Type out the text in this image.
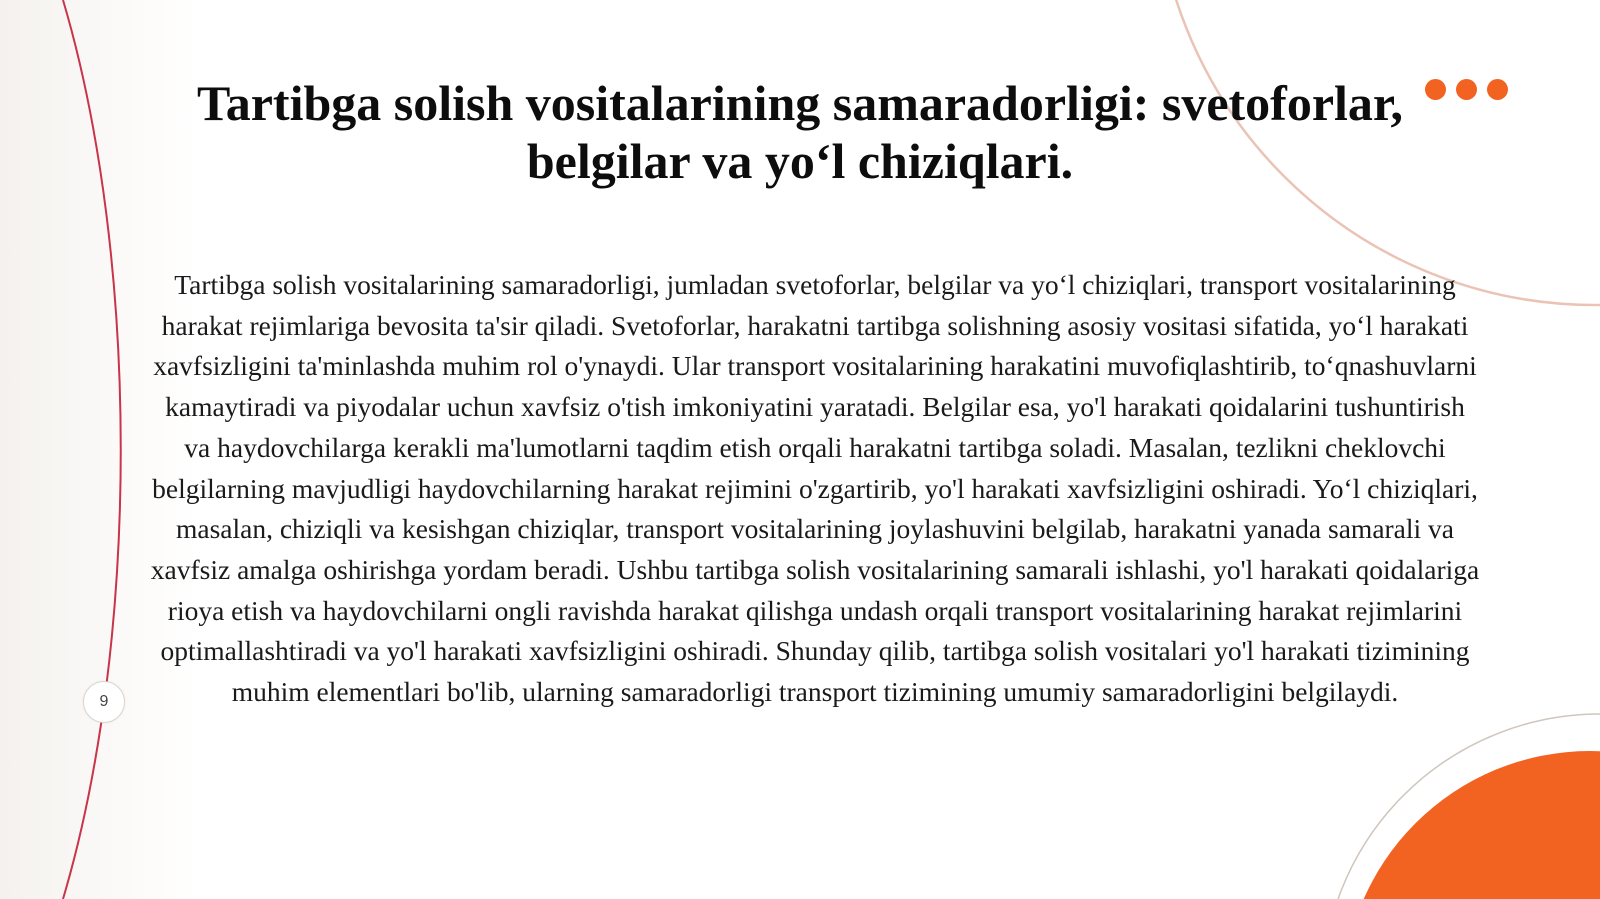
Tartibga solish vositalarining samaradorligi: svetoforlar, belgilar va yo‘l chiziqlari.

Tartibga solish vositalarining samaradorligi, jumladan svetoforlar, belgilar va yo‘l chiziqlari, transport vositalarining harakat rejimlariga bevosita ta'sir qiladi. Svetoforlar, harakatni tartibga solishning asosiy vositasi sifatida, yo‘l harakati xavfsizligini ta'minlashda muhim rol o'ynaydi. Ular transport vositalarining harakatini muvofiqlashtirib, to‘qnashuvlarni kamaytiradi va piyodalar uchun xavfsiz o'tish imkoniyatini yaratadi. Belgilar esa, yo'l harakati qoidalarini tushuntirish va haydovchilarga kerakli ma'lumotlarni taqdim etish orqali harakatni tartibga soladi. Masalan, tezlikni cheklovchi belgilarning mavjudligi haydovchilarning harakat rejimini o'zgartirib, yo'l harakati xavfsizligini oshiradi. Yo‘l chiziqlari, masalan, chiziqli va kesishgan chiziqlar, transport vositalarining joylashuvini belgilab, harakatni yanada samarali va xavfsiz amalga oshirishga yordam beradi. Ushbu tartibga solish vositalarining samarali ishlashi, yo'l harakati qoidalariga rioya etish va haydovchilarni ongli ravishda harakat qilishga undash orqali transport vositalarining harakat rejimlarini optimallashtiradi va yo'l harakati xavfsizligini oshiradi. Shunday qilib, tartibga solish vositalari yo'l harakati tizimining muhim elementlari bo'lib, ularning samaradorligi transport tizimining umumiy samaradorligini belgilaydi.

9
